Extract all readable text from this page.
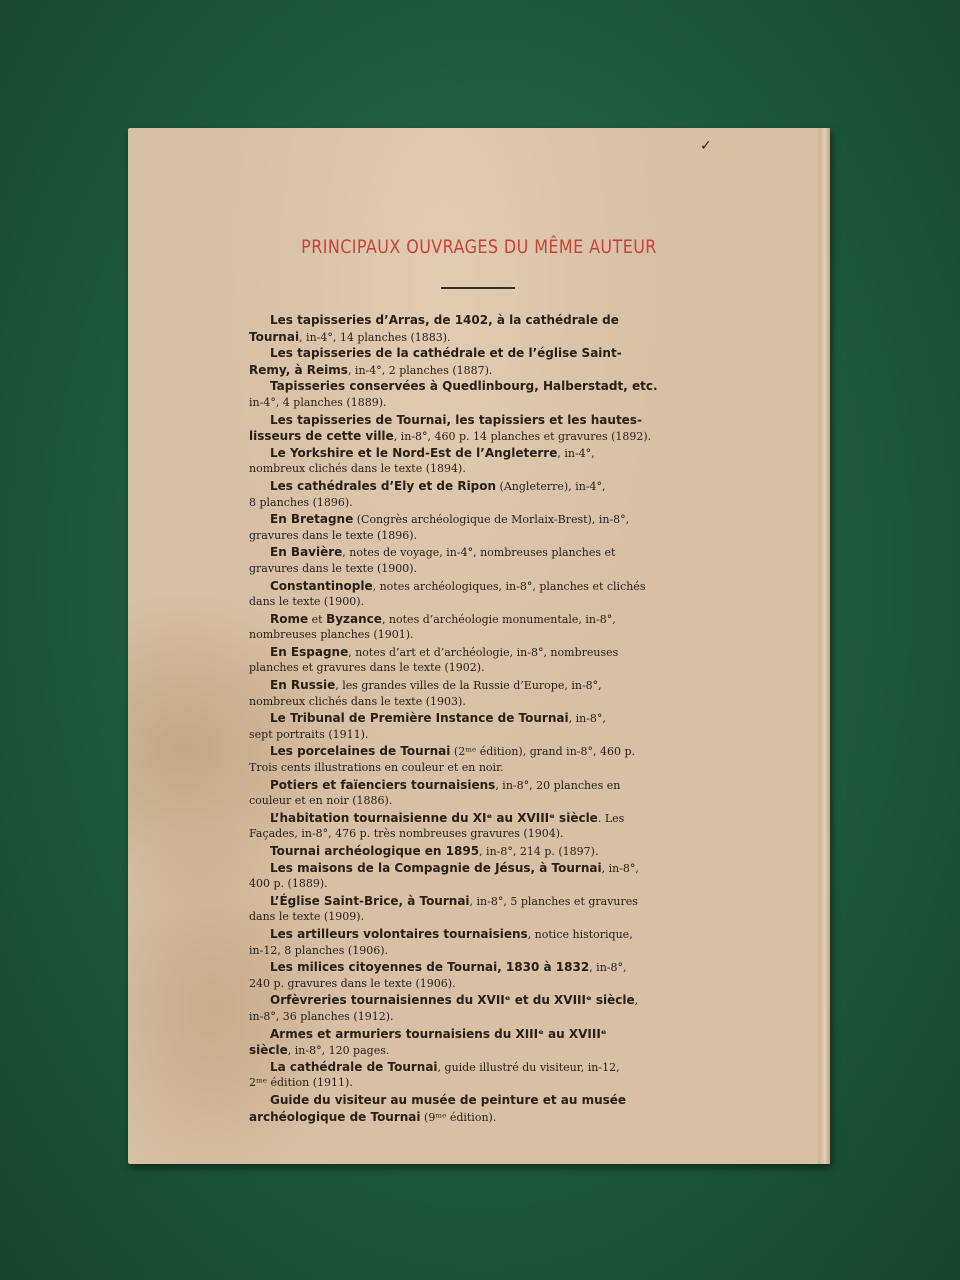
✓
PRINCIPAUX OUVRAGES DU MÊME AUTEUR
Les tapisseries d’Arras, de 1402, à la cathédrale de
Tournai, in-4°, 14 planches (1883).
Les tapisseries de la cathédrale et de l’église Saint-
Remy, à Reims, in-4°, 2 planches (1887).
Tapisseries conservées à Quedlinbourg, Halberstadt, etc.
in-4°, 4 planches (1889).
Les tapisseries de Tournai, les tapissiers et les hautes-
lisseurs de cette ville, in-8°, 460 p. 14 planches et gravures (1892).
Le Yorkshire et le Nord-Est de l’Angleterre, in-4°,
nombreux clichés dans le texte (1894).
Les cathédrales d’Ely et de Ripon (Angleterre), in-4°,
8 planches (1896).
En Bretagne (Congrès archéologique de Morlaix-Brest), in-8°,
gravures dans le texte (1896).
En Bavière, notes de voyage, in-4°, nombreuses planches et
gravures dans le texte (1900).
Constantinople, notes archéologiques, in-8°, planches et clichés
dans le texte (1900).
Rome et Byzance, notes d’archéologie monumentale, in-8°,
nombreuses planches (1901).
En Espagne, notes d’art et d’archéologie, in-8°, nombreuses
planches et gravures dans le texte (1902).
En Russie, les grandes villes de la Russie d’Europe, in-8°,
nombreux clichés dans le texte (1903).
Le Tribunal de Première Instance de Tournai, in-8°,
sept portraits (1911).
Les porcelaines de Tournai (2ᵐᵉ édition), grand in-8°, 460 p.
Trois cents illustrations en couleur et en noir.
Potiers et faïenciers tournaisiens, in-8°, 20 planches en
couleur et en noir (1886).
L’habitation tournaisienne du XIᵉ au XVIIIᵉ siècle. Les
Façades, in-8°, 476 p. très nombreuses gravures (1904).
Tournai archéologique en 1895, in-8°, 214 p. (1897).
Les maisons de la Compagnie de Jésus, à Tournai, in-8°,
400 p. (1889).
L’Église Saint-Brice, à Tournai, in-8°, 5 planches et gravures
dans le texte (1909).
Les artilleurs volontaires tournaisiens, notice historique,
in-12, 8 planches (1906).
Les milices citoyennes de Tournai, 1830 à 1832, in-8°,
240 p. gravures dans le texte (1906).
Orfèvreries tournaisiennes du XVIIᵉ et du XVIIIᵉ siècle,
in-8°, 36 planches (1912).
Armes et armuriers tournaisiens du XIIIᵉ au XVIIIᵉ
siècle, in-8°, 120 pages.
La cathédrale de Tournai, guide illustré du visiteur, in-12,
2ᵐᵉ édition (1911).
Guide du visiteur au musée de peinture et au musée
archéologique de Tournai (9ᵐᵉ édition).
